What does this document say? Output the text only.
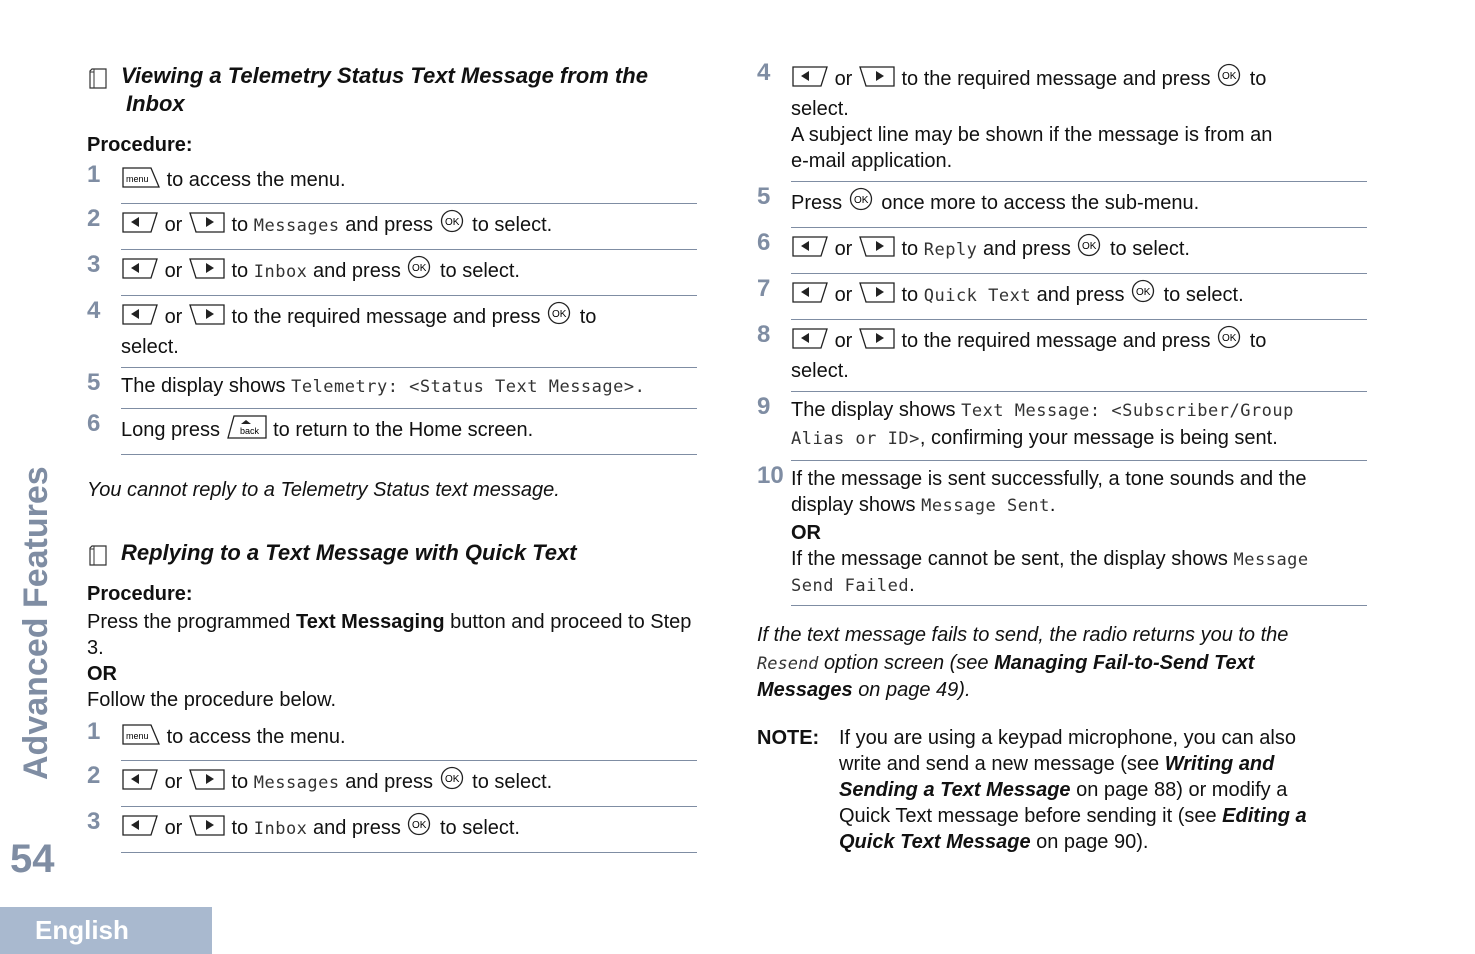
Advanced Features
54
English
Viewing a Telemetry Status Text Message from the
Inbox
Procedure:
1	menu to access the menu.
2	or to Messages and press OK to select.
3	or to Inbox and press OK to select.
4	or to the required message and press OK to
select.
5 The display shows Telemetry: <Status Text Message>.
6 Long press back to return to the Home screen.

You cannot reply to a Telemetry Status text message.

Replying to a Text Message with Quick Text
Procedure:

Press the programmed Text Messaging button and proceed to Step 3.

OR

Follow the procedure below.

1	menu to access the menu.
2	or to Messages and press OK to select.
3	or to Inbox and press OK to select.
4	or to the required message and press OK to
select.
A subject line may be shown if the message is from an
e-mail application.
5 Press OK once more to access the sub-menu.
6	or to Reply and press OK to select.
7	or to Quick Text and press OK to select.
8	or to the required message and press OK to
select.
9 The display shows Text Message: <Subscriber/Group
Alias or ID>, confirming your message is being sent.
10 If the message is sent successfully, a tone sounds and the
display shows Message Sent.
OR
If the message cannot be sent, the display shows Message
Send Failed.

If the text message fails to send, the radio returns you to the
Resend option screen (see Managing Fail-to-Send Text
Messages on page 49).

NOTE: If you are using a keypad microphone, you can also
write and send a new message (see Writing and
Sending a Text Message on page 88) or modify a
Quick Text message before sending it (see Editing a
Quick Text Message on page 90).
